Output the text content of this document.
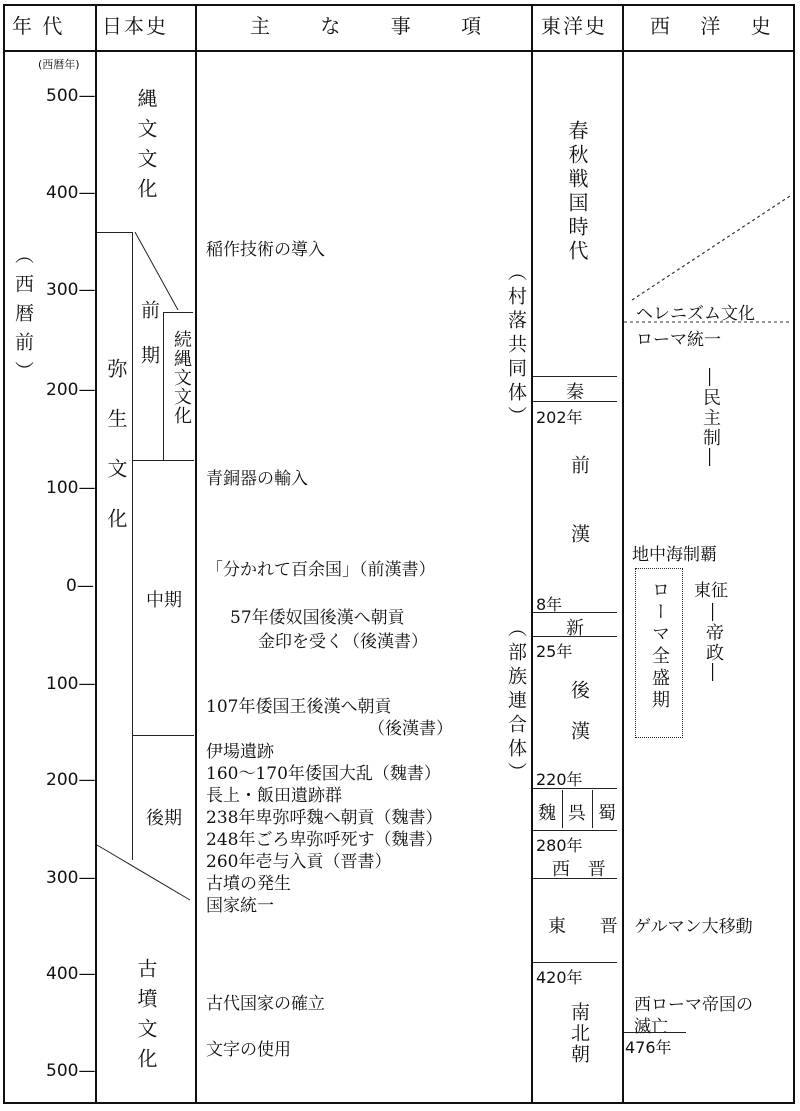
年 代 日本史	主 な 事 項 東洋史 西 洋 史
(西暦年)
500—
400—
300—
200—
100—
0—
100—
200—
300—
400—
500—
（西暦前）
縄文文化
弥生文化
古墳文化
前期 続縄文文化
中期
後期
稲作技術の導入
青銅器の輸入
「分かれて百余国」（前漢書）
57年倭奴国後漢へ朝貢
金印を受く（後漢書）
107年倭国王後漢へ朝貢
（後漢書）
伊場遺跡
160〜170年倭国大乱（魏書）
長上・飯田遺跡群
238年卑弥呼魏へ朝貢（魏書）
248年ごろ卑弥呼死す（魏書）
260年壱与入貢（晋書）
古墳の発生
国家統一
古代国家の確立
文字の使用
（村落共同体）
（部族連合体）
春秋戦国時代
秦
202年
前漢
8年
新
25年
後漢
220年
魏 呉 蜀
280年
西 晋
東 晋
420年
南北朝
ヘレニズム文化
ローマ統一
―民主制―
地中海制覇
ローマ全盛期 東征
―帝政―
ゲルマン大移動
西ローマ帝国の
滅亡
476年
